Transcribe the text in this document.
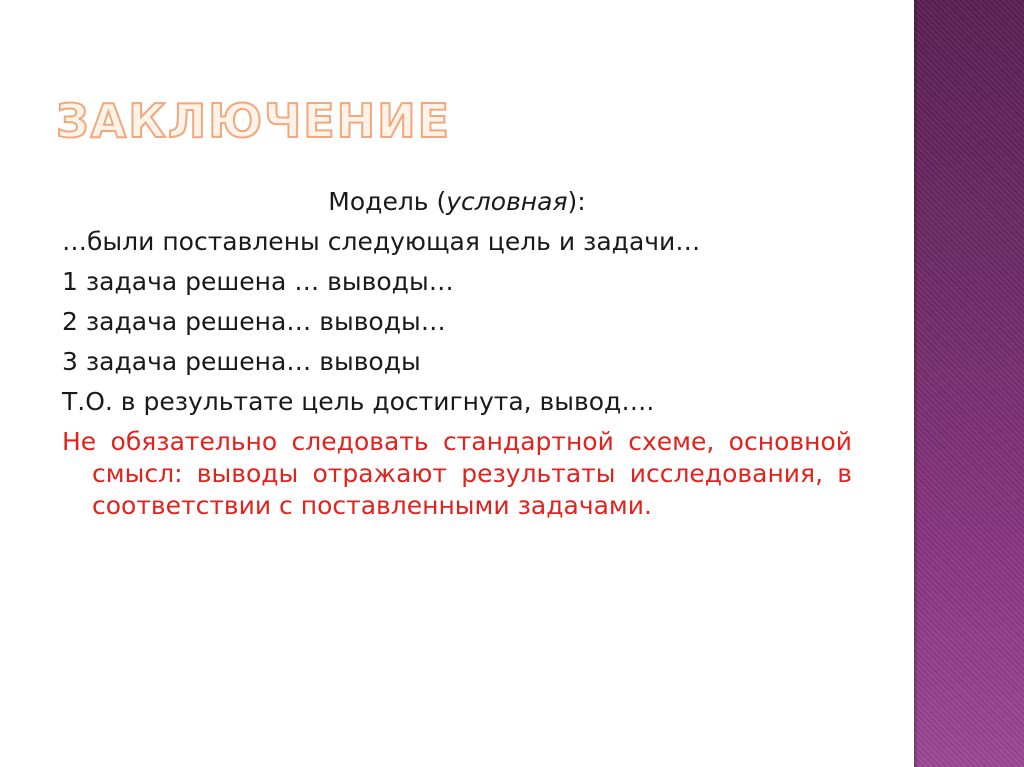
ЗАКЛЮЧЕНИЕ

Модель (условная):

…были поставлены следующая цель и задачи…

1 задача решена … выводы…

2 задача решена… выводы…

3 задача решена… выводы

Т.О. в результате цель достигнута, вывод….

Не обязательно следовать стандартной схеме, основной смысл: выводы отражают результаты исследования, в соответствии с поставленными задачами.
